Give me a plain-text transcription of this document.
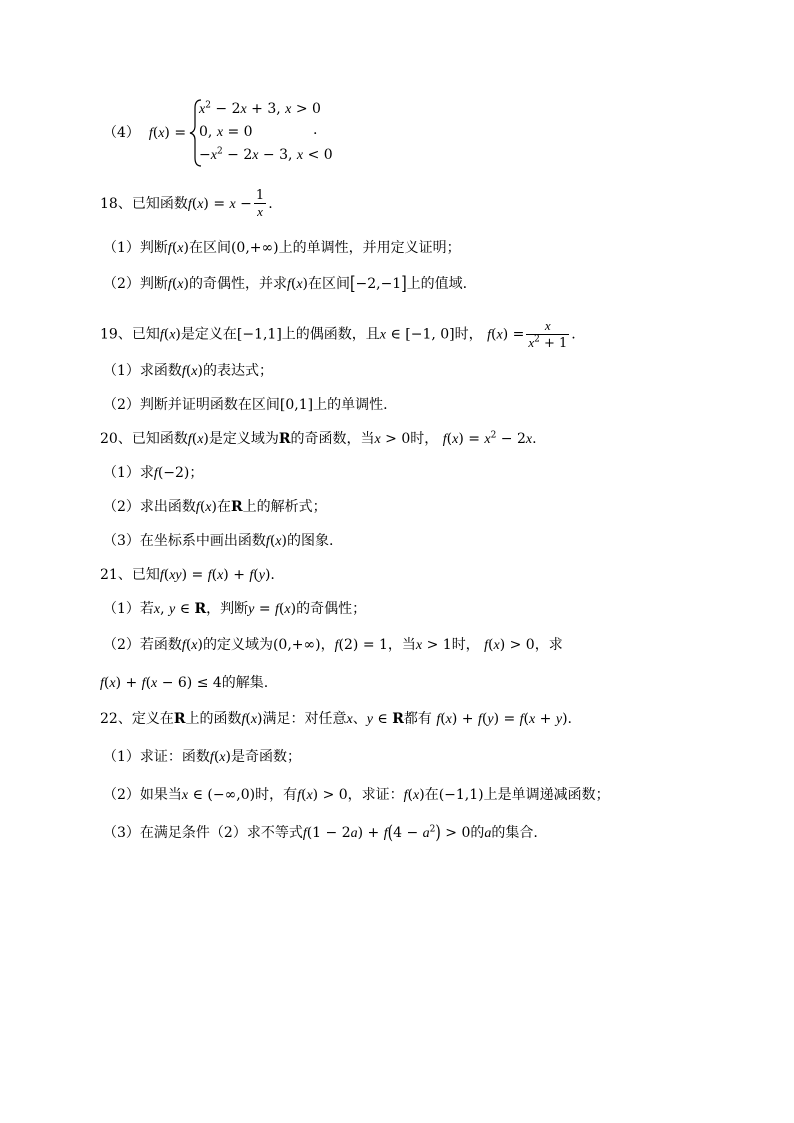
（4） f(x) =
$x^2 - 2x + 3$, x > 0
0, x = 0
$-x^2 - 2x - 3$, x < 0
.
18、已知函数$f(x) = x - \frac{1}{x}$ .
（1）判断f(x)在区间(0,+∞)上的单调性，并用定义证明；
（2）判断f(x)的奇偶性，并求f(x)在区间[−2,−1]上的值域.
19、已知f(x)是定义在[−1,1]上的偶函数，且x ∈ [−1, 0]时， $f(x) = \frac{x}{x^2 + 1}$ .
（1）求函数f(x)的表达式；
（2）判断并证明函数在区间[0,1]上的单调性.
20、已知函数f(x)是定义域为R的奇函数，当x > 0时， $f(x) = x^2 - 2x$.
（1）求f(−2)；
（2）求出函数f(x)在R上的解析式；
（3）在坐标系中画出函数f(x)的图象.
21、已知f(xy) = f(x) + f(y).
（1）若x, y ∈ R，判断y = f(x)的奇偶性；
（2）若函数f(x)的定义域为(0,+∞)，f(2) = 1，当x > 1时， f(x) > 0，求
f(x) + f(x − 6) ≤ 4的解集.
22、定义在R上的函数f(x)满足：对任意x、y ∈ R都有 f(x) + f(y) = f(x + y).
（1）求证：函数f(x)是奇函数；
（2）如果当x ∈ (−∞,0)时，有f(x) > 0，求证：f(x)在(−1,1)上是单调递减函数；
（3）在满足条件（2）求不等式$f(1 - 2a) + f(4 - a^2) > 0$的a的集合.
